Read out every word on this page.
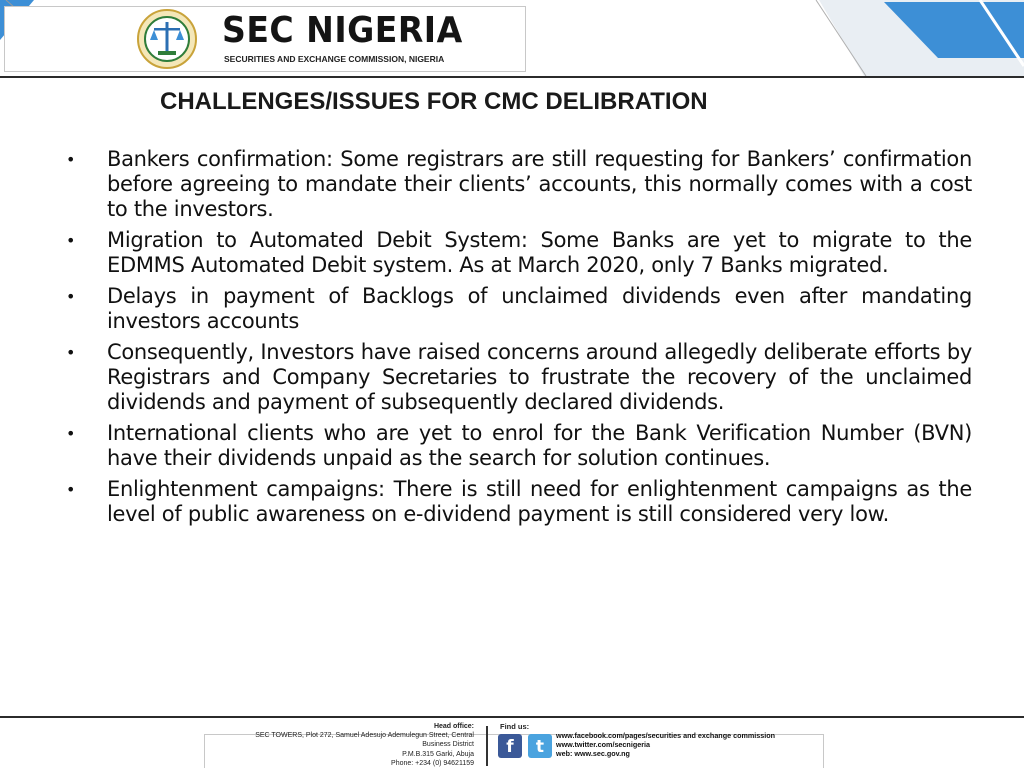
SEC NIGERIA
SECURITIES AND EXCHANGE COMMISSION, NIGERIA
CHALLENGES/ISSUES FOR CMC DELIBRATION
• Bankers confirmation: Some registrars are still requesting for Bankers’ confirmation before agreeing to mandate their clients’ accounts, this normally comes with a cost to the investors.
• Migration to Automated Debit System: Some Banks are yet to migrate to the EDMMS Automated Debit system. As at March 2020, only 7 Banks migrated.
• Delays in payment of Backlogs of unclaimed dividends even after mandating investors accounts
• Consequently, Investors have raised concerns around allegedly deliberate efforts by Registrars and Company Secretaries to frustrate the recovery of the unclaimed dividends and payment of subsequently declared dividends.
• International clients who are yet to enrol for the Bank Verification Number (BVN) have their dividends unpaid as the search for solution continues.
• Enlightenment campaigns: There is still need for enlightenment campaigns as the level of public awareness on e-dividend payment is still considered very low.
Head office:
SEC TOWERS, Plot 272, Samuel Adesujo Ademulegun Street, Central
Business District
P.M.B.315 Garki, Abuja
Phone: +234 (0) 94621159
Find us:
f	t
www.facebook.com/pages/securities and exchange commission
www.twitter.com/secnigeria
web: www.sec.gov.ng
